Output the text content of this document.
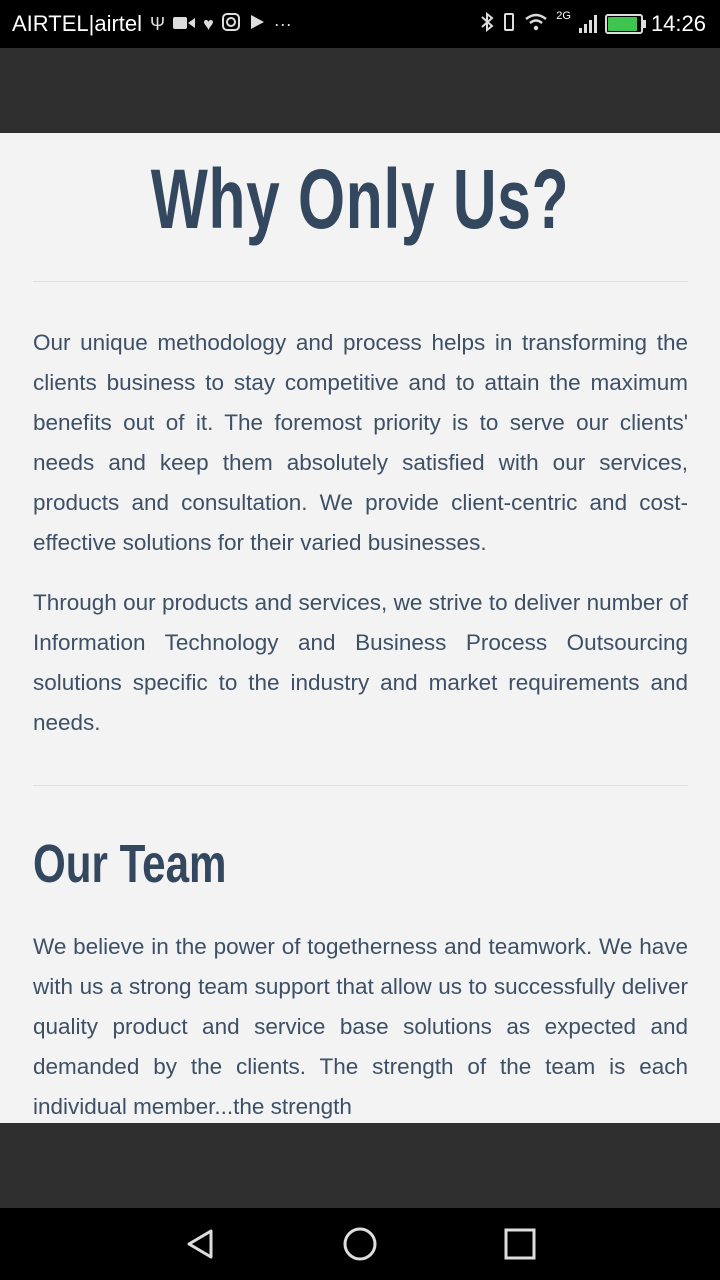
AIRTEL|airtel Ψ ♥	···	2G	14:26
Why Only Us?

Our unique methodology and process helps in transforming the clients business to stay competitive and to attain the maximum benefits out of it. The foremost priority is to serve our clients' needs and keep them absolutely satisfied with our services, products and consultation. We provide client-centric and cost-effective solutions for their varied businesses.

Through our products and services, we strive to deliver number of Information Technology and Business Process Outsourcing solutions specific to the industry and market requirements and needs.

Our Team

We believe in the power of togetherness and teamwork. We have with us a strong team support that allow us to successfully deliver quality product and service base solutions as expected and demanded by the clients. The strength of the team is each individual member...the strength
